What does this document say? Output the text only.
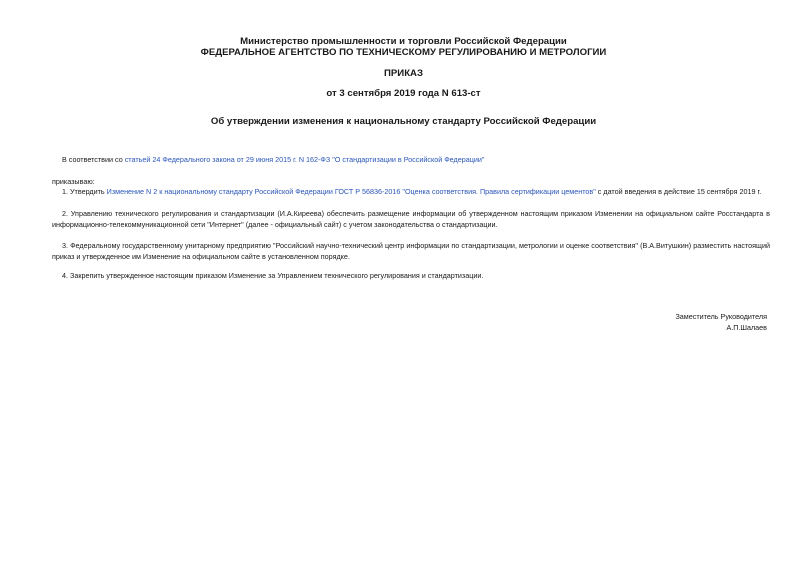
Министерство промышленности и торговли Российской Федерации
ФЕДЕРАЛЬНОЕ АГЕНТСТВО ПО ТЕХНИЧЕСКОМУ РЕГУЛИРОВАНИЮ И МЕТРОЛОГИИ
ПРИКАЗ
от 3 сентября 2019 года N 613-ст
Об утверждении изменения к национальному стандарту Российской Федерации
В соответствии со статьей 24 Федерального закона от 29 июня 2015 г. N 162-ФЗ "О стандартизации в Российской Федерации"
приказываю:
1. Утвердить Изменение N 2 к национальному стандарту Российской Федерации ГОСТ Р 56836-2016 "Оценка соответствия. Правила сертификации цементов" с датой введения в действие 15 сентября 2019 г.
2. Управлению технического регулирования и стандартизации (И.А.Киреева) обеспечить размещение информации об утвержденном настоящим приказом Изменении на официальном сайте Росстандарта в информационно-телекоммуникационной сети "Интернет" (далее - официальный сайт) с учетом законодательства о стандартизации.
3. Федеральному государственному унитарному предприятию "Российский научно-технический центр информации по стандартизации, метрологии и оценке соответствия" (В.А.Витушкин) разместить настоящий приказ и утвержденное им Изменение на официальном сайте в установленном порядке.
4. Закрепить утвержденное настоящим приказом Изменение за Управлением технического регулирования и стандартизации.
Заместитель Руководителя
А.П.Шалаев
